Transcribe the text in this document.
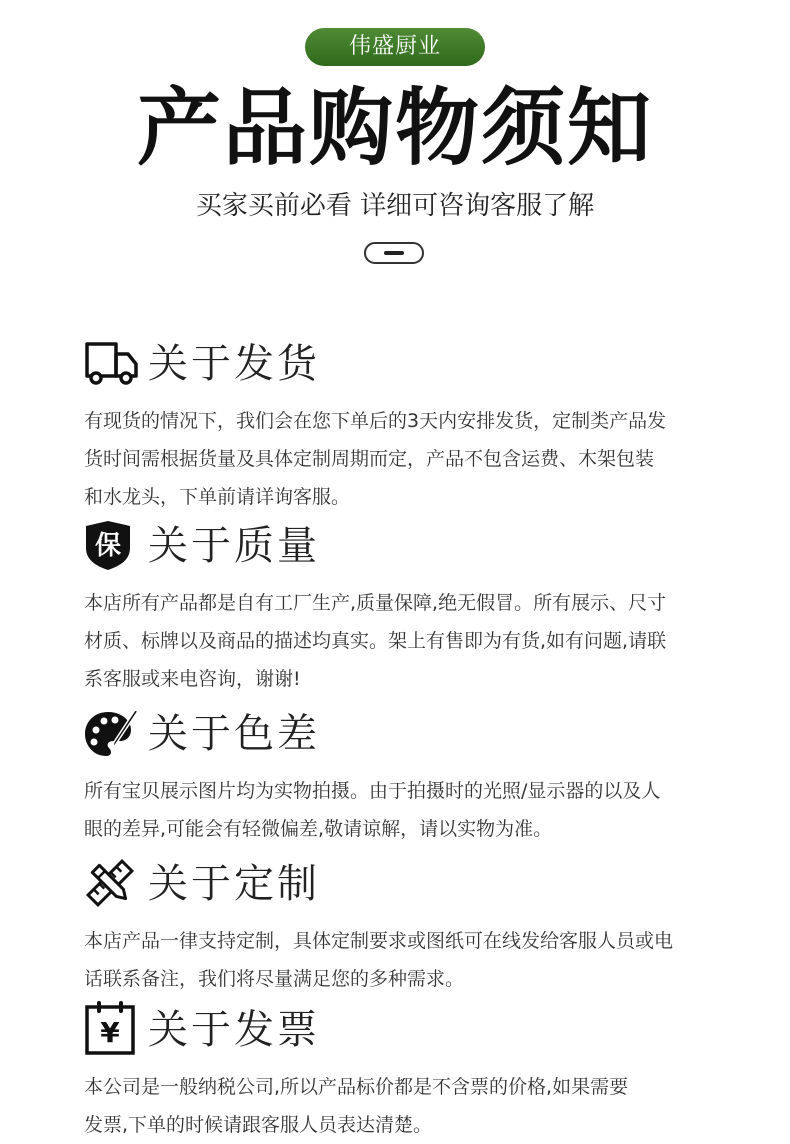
伟盛厨业
产品购物须知
买家买前必看 详细可咨询客服了解
关于发货

有现货的情况下，我们会在您下单后的3天内安排发货，定制类产品发

货时间需根据货量及具体定制周期而定，产品不包含运费、木架包装

和水龙头，下单前请详询客服。

保 关于质量

本店所有产品都是自有工厂生产,质量保障,绝无假冒。所有展示、尺寸

材质、标牌以及商品的描述均真实。架上有售即为有货,如有问题,请联

系客服或来电咨询，谢谢!

关于色差

所有宝贝展示图片均为实物拍摄。由于拍摄时的光照/显示器的以及人

眼的差异,可能会有轻微偏差,敬请谅解，请以实物为准。

关于定制

本店产品一律支持定制，具体定制要求或图纸可在线发给客服人员或电

话联系备注，我们将尽量满足您的多种需求。

¥ 关于发票

本公司是一般纳税公司,所以产品标价都是不含票的价格,如果需要

发票,下单的时候请跟客服人员表达清楚。
